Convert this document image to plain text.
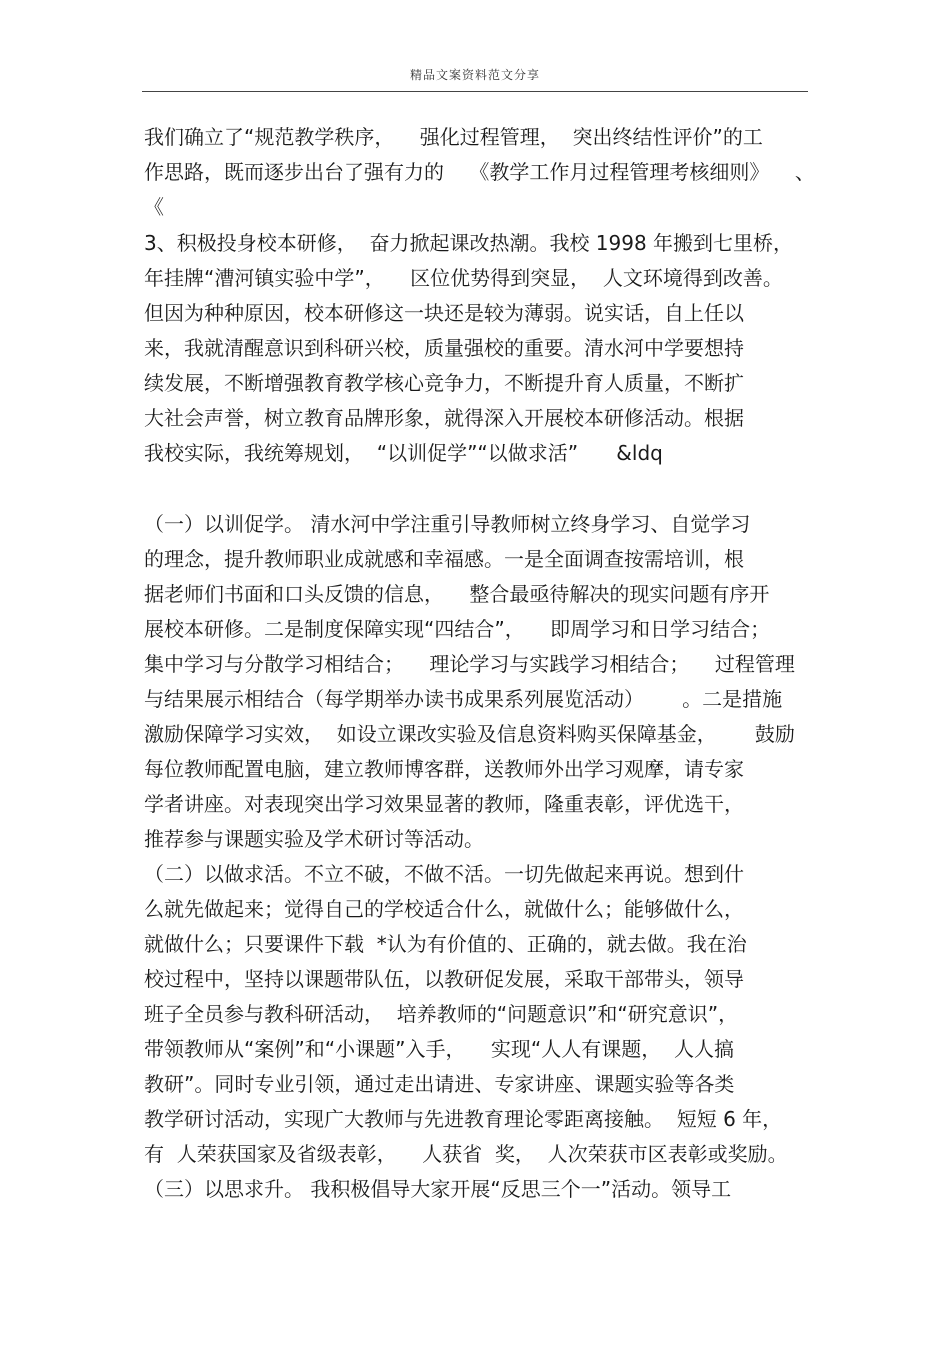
精品文案资料范文分享
我们确立了“规范教学秩序，    强化过程管理，  突出终结性评价”的工
作思路，既而逐步出台了强有力的    《教学工作月过程管理考核细则》    、
《
3、积极投身校本研修，  奋力掀起课改热潮。我校 1998 年搬到七里桥，
年挂牌“漕河镇实验中学”，    区位优势得到突显，  人文环境得到改善。
但因为种种原因，校本研修这一块还是较为薄弱。说实话，自上任以
来，我就清醒意识到科研兴校，质量强校的重要。清水河中学要想持
续发展，不断增强教育教学核心竞争力，不断提升育人质量，不断扩
大社会声誉，树立教育品牌形象，就得深入开展校本研修活动。根据
我校实际，我统筹规划，  “以训促学”“以做求活”      &ldq
（一）以训促学。 清水河中学注重引导教师树立终身学习、自觉学习
的理念，提升教师职业成就感和幸福感。一是全面调查按需培训，根
据老师们书面和口头反馈的信息，    整合最亟待解决的现实问题有序开
展校本研修。二是制度保障实现“四结合”，    即周学习和日学习结合；
集中学习与分散学习相结合；    理论学习与实践学习相结合；    过程管理
与结果展示相结合（每学期举办读书成果系列展览活动）      。二是措施
激励保障学习实效，  如设立课改实验及信息资料购买保障基金，      鼓励
每位教师配置电脑，建立教师博客群，送教师外出学习观摩，请专家
学者讲座。对表现突出学习效果显著的教师，隆重表彰，评优选干，
推荐参与课题实验及学术研讨等活动。
（二）以做求活。不立不破，不做不活。一切先做起来再说。想到什
么就先做起来；觉得自己的学校适合什么，就做什么；能够做什么，
就做什么；只要课件下载  *认为有价值的、正确的，就去做。我在治
校过程中，坚持以课题带队伍，以教研促发展，采取干部带头，领导
班子全员参与教科研活动，  培养教师的“问题意识”和“研究意识”，
带领教师从“案例”和“小课题”入手，    实现“人人有课题，  人人搞
教研”。同时专业引领，通过走出请进、专家讲座、课题实验等各类
教学研讨活动，实现广大教师与先进教育理论零距离接触。  短短 6 年，
有  人荣获国家及省级表彰，    人获省  奖，  人次荣获市区表彰或奖励。
（三）以思求升。 我积极倡导大家开展“反思三个一”活动。领导工
